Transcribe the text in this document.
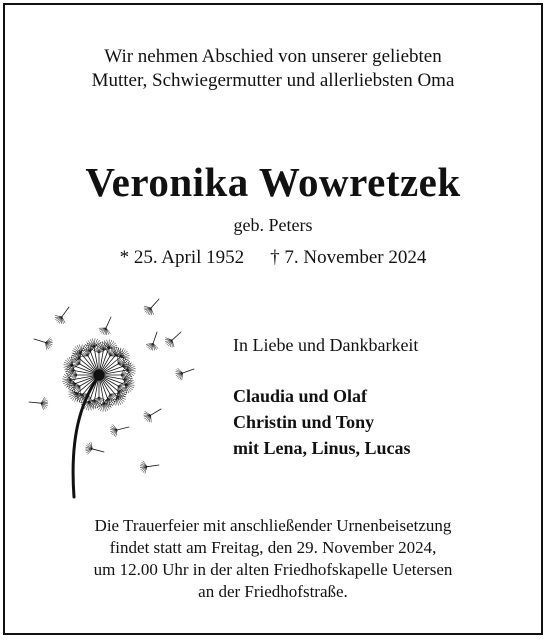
Wir nehmen Abschied von unserer geliebten
Mutter, Schwiegermutter und allerliebsten Oma
Veronika Wowretzek
geb. Peters
* 25. April 1952 † 7. November 2024
In Liebe und Dankbarkeit
Claudia und Olaf
Christin und Tony
mit Lena, Linus, Lucas
Die Trauerfeier mit anschließender Urnenbeisetzung
findet statt am Freitag, den 29. November 2024,
um 12.00 Uhr in der alten Friedhofskapelle Uetersen
an der Friedhofstraße.
